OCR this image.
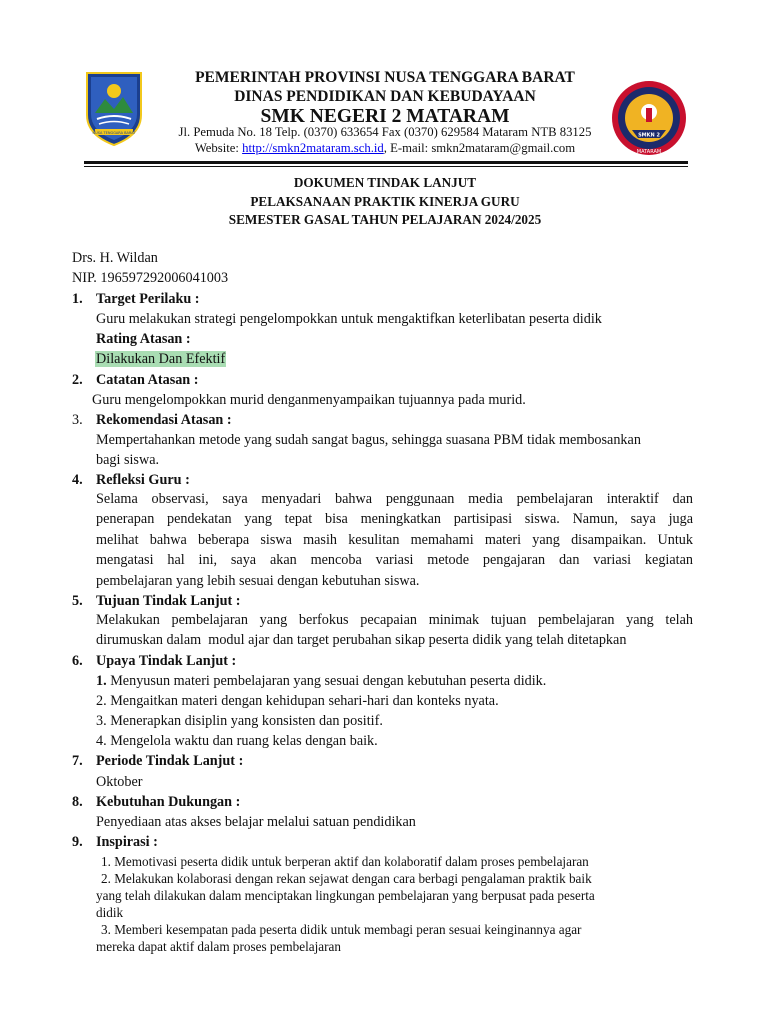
NUSA TENGGARA BARAT	SMKN 2
MATARAM
PEMERINTAH PROVINSI NUSA TENGGARA BARAT
DINAS PENDIDIKAN DAN KEBUDAYAAN
SMK NEGERI 2 MATARAM
Jl. Pemuda No. 18 Telp. (0370) 633654 Fax (0370) 629584 Mataram NTB 83125
Website: http://smkn2mataram.sch.id, E-mail: smkn2mataram@gmail.com
DOKUMEN TINDAK LANJUT
PELAKSANAAN PRAKTIK KINERJA GURU
SEMESTER GASAL TAHUN PELAJARAN 2024/2025
Drs. H. Wildan
NIP. 196597292006041003
1. Target Perilaku :
Guru melakukan strategi pengelompokkan untuk mengaktifkan keterlibatan peserta didik
Rating Atasan :
Dilakukan Dan Efektif
2. Catatan Atasan :
Guru mengelompokkan murid denganmenyampaikan tujuannya pada murid.
3. Rekomendasi Atasan :
Mempertahankan metode yang sudah sangat bagus, sehingga suasana PBM tidak membosankan
bagi siswa.
4. Refleksi Guru :
Selama observasi, saya menyadari bahwa penggunaan media pembelajaran interaktif dan
penerapan pendekatan yang tepat bisa meningkatkan partisipasi siswa. Namun, saya juga
melihat bahwa beberapa siswa masih kesulitan memahami materi yang disampaikan. Untuk
mengatasi hal ini, saya akan mencoba variasi metode pengajaran dan variasi kegiatan
pembelajaran yang lebih sesuai dengan kebutuhan siswa.
5. Tujuan Tindak Lanjut :
Melakukan pembelajaran yang berfokus pecapaian minimak tujuan pembelajaran yang telah
dirumuskan dalam  modul ajar dan target perubahan sikap peserta didik yang telah ditetapkan
6. Upaya Tindak Lanjut :
1. Menyusun materi pembelajaran yang sesuai dengan kebutuhan peserta didik.
2. Mengaitkan materi dengan kehidupan sehari-hari dan konteks nyata.
3. Menerapkan disiplin yang konsisten dan positif.
4. Mengelola waktu dan ruang kelas dengan baik.
7. Periode Tindak Lanjut :
Oktober
8. Kebutuhan Dukungan :
Penyediaan atas akses belajar melalui satuan pendidikan
9. Inspirasi :
1. Memotivasi peserta didik untuk berperan aktif dan kolaboratif dalam proses pembelajaran
2. Melakukan kolaborasi dengan rekan sejawat dengan cara berbagi pengalaman praktik baik
yang telah dilakukan dalam menciptakan lingkungan pembelajaran yang berpusat pada peserta
didik
3. Memberi kesempatan pada peserta didik untuk membagi peran sesuai keinginannya agar
mereka dapat aktif dalam proses pembelajaran
